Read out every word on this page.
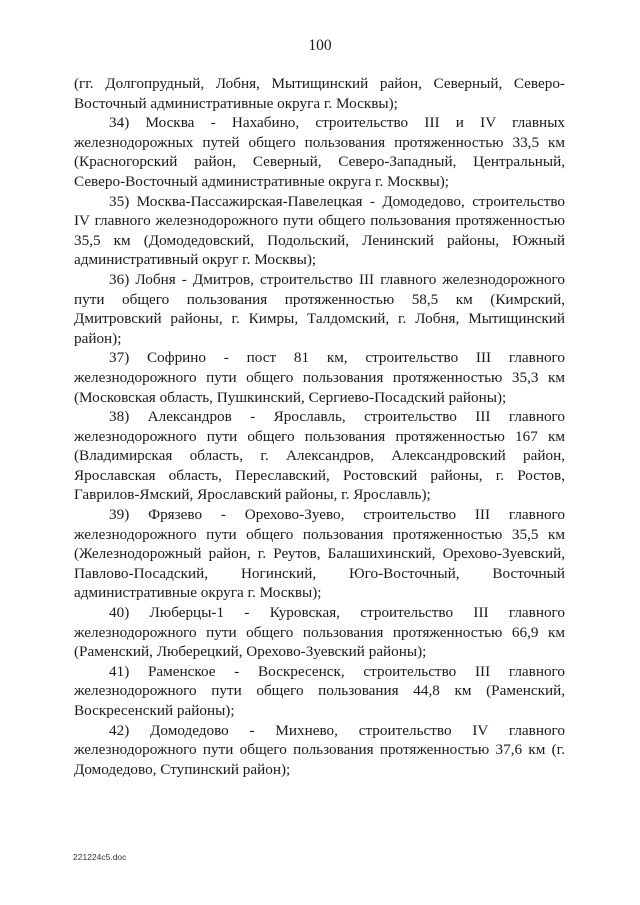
100

(гг. Долгопрудный, Лобня, Мытищинский район, Северный, Северо-Восточный административные округа г. Москвы);

34) Москва - Нахабино, строительство III и IV главных железнодорожных путей общего пользования протяженностью 33,5 км (Красногорский район, Северный, Северо-Западный, Центральный, Северо-Восточный административные округа г. Москвы);

35) Москва-Пассажирская-Павелецкая - Домодедово, строительство IV главного железнодорожного пути общего пользования протяженностью 35,5 км (Домодедовский, Подольский, Ленинский районы, Южный административный округ г. Москвы);

36) Лобня - Дмитров, строительство III главного железнодорожного пути общего пользования протяженностью 58,5 км (Кимрский, Дмитровский районы, г. Кимры, Талдомский, г. Лобня, Мытищинский район);

37) Софрино - пост 81 км, строительство III главного железнодорожного пути общего пользования протяженностью 35,3 км (Московская область, Пушкинский, Сергиево-Посадский районы);

38) Александров - Ярославль, строительство III главного железнодорожного пути общего пользования протяженностью 167 км (Владимирская область, г. Александров, Александровский район, Ярославская область, Переславский, Ростовский районы, г. Ростов, Гаврилов-Ямский, Ярославский районы, г. Ярославль);

39) Фрязево - Орехово-Зуево, строительство III главного железнодорожного пути общего пользования протяженностью 35,5 км (Железнодорожный район, г. Реутов, Балашихинский, Орехово-Зуевский, Павлово-Посадский, Ногинский, Юго-Восточный, Восточный административные округа г. Москвы);

40) Люберцы-1 - Куровская, строительство III главного железнодорожного пути общего пользования протяженностью 66,9 км (Раменский, Люберецкий, Орехово-Зуевский районы);

41) Раменское - Воскресенск, строительство III главного железнодорожного пути общего пользования 44,8 км (Раменский, Воскресенский районы);

42) Домодедово - Михнево, строительство IV главного железнодорожного пути общего пользования протяженностью 37,6 км (г. Домодедово, Ступинский район);

221224c5.doc
